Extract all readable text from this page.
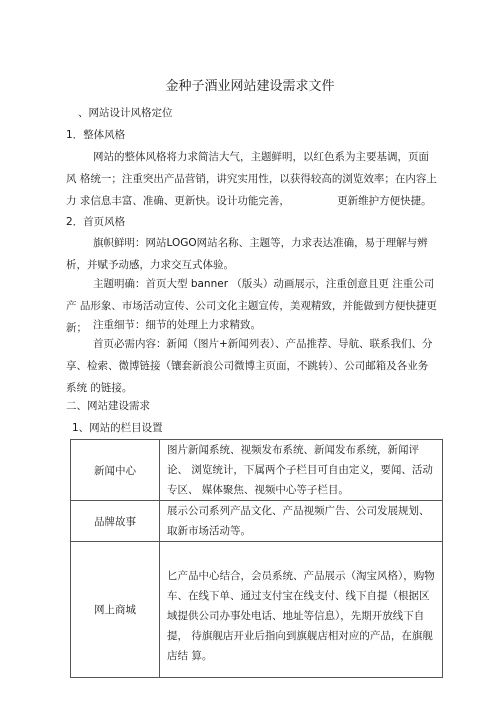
金种子酒业网站建设需求文件
、网站设计风格定位
1．整体风格
网站的整体风格将力求简洁大气，主题鲜明，以红色系为主要基调，页面风 格统一；注重突出产品营销，讲究实用性，以获得较高的浏览效率；在内容上力 求信息丰富、准确、更新快。设计功能完善，　　　　　更新维护方便快捷。
2．首页风格
旗帜鲜明：网站LOGO网站名称、主题等，力求表达准确，易于理解与辨 析，并赋予动感，力求交互式体验。
主题明确：首页大型 banner （版头）动画展示，注重创意且更 注重公司产 品形象、市场活动宣传、公司文化主题宣传，美观精致，并能做到方便快捷更新； 注重细节：细节的处理上力求精致。
首页必需内容：新闻（图片+新闻列表）、产品推荐、导航、联系我们、分享、检索、微博链接（镶套新浪公司微博主页面，不跳转）、公司邮箱及各业务系统 的链接。
二、网站建设需求
1、网站的栏目设置
新闻中心	图片新闻系统、视频发布系统、新闻发布系统，新闻评论、 浏览统计，下属两个子栏目可自由定义，要闻、活动专区、 媒体聚焦、视频中心等子栏目。
品牌故事	展示公司系列产品文化、产品视频广告、公司发展规划、 取新市场活动等。
网上商城	匕产品中心结合，会员系统、产品展示（淘宝风格），购物车、在线下单、通过支付宝在线支付、线下自提（根据区 域提供公司办事处电话、地址等信息），先期开放线下自提， 待旗舰店开业后指向到旗舰店相对应的产品，在旗舰店结 算。
